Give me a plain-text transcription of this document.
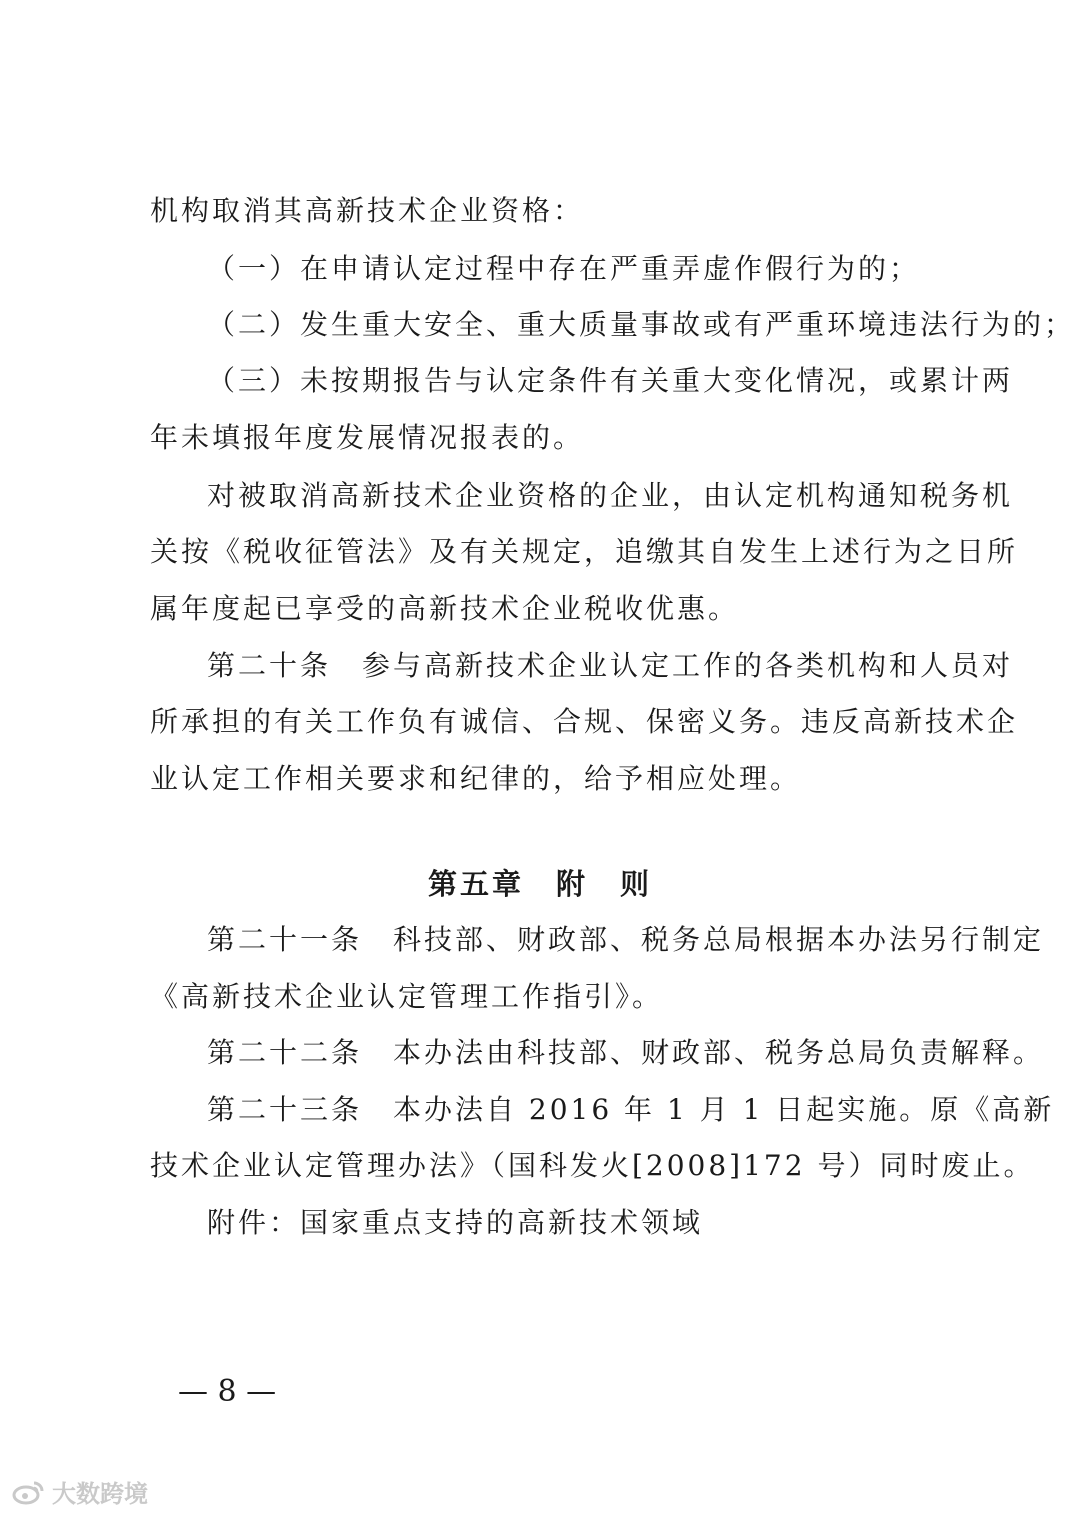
机构取消其高新技术企业资格：
（一）在申请认定过程中存在严重弄虚作假行为的；
（二）发生重大安全、重大质量事故或有严重环境违法行为的；
（三）未按期报告与认定条件有关重大变化情况，或累计两
年未填报年度发展情况报表的。
对被取消高新技术企业资格的企业，由认定机构通知税务机
关按《税收征管法》及有关规定，追缴其自发生上述行为之日所
属年度起已享受的高新技术企业税收优惠。
第二十条　参与高新技术企业认定工作的各类机构和人员对
所承担的有关工作负有诚信、合规、保密义务。违反高新技术企
业认定工作相关要求和纪律的，给予相应处理。
第五章　附　则
第二十一条　科技部、财政部、税务总局根据本办法另行制定
《高新技术企业认定管理工作指引》。
第二十二条　本办法由科技部、财政部、税务总局负责解释。
第二十三条　本办法自 2016 年 1 月 1 日起实施。原《高新
技术企业认定管理办法》（国科发火[2008]172 号）同时废止。
附件：国家重点支持的高新技术领域
— 8 —
大数跨境
